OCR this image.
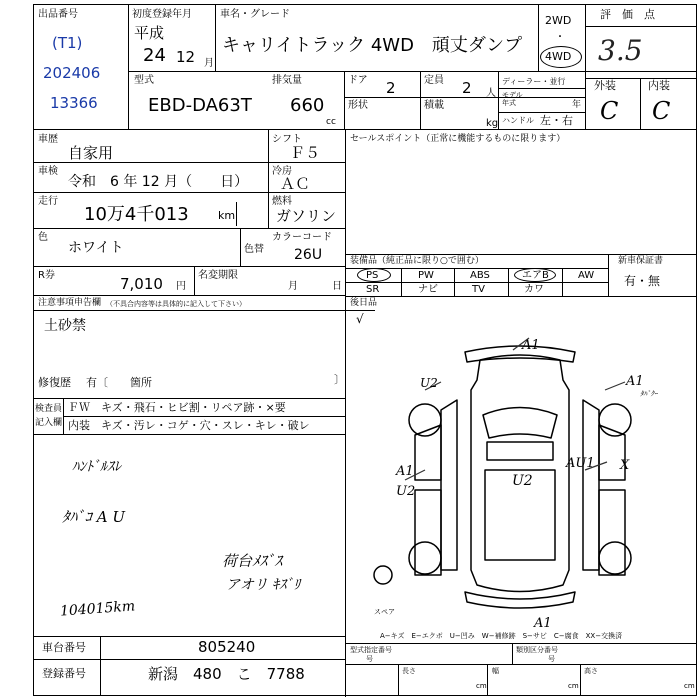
出品番号
(T1)
202406
13366
初度登録年月
平成
24 12 月
車名・グレード
キャリイトラック 4WD　頑丈ダンプ
2WD
・
4WD
評　価　点
3.5
型式
EBD-DA63T
排気量
660
cc
ドア 2	定員 2 人
形状	積載
kg
ディーラー・並行
モデル
年式	年
ハンドル 左・右
外装	内装
C C
車歴
自家用
シフト
Ｆ５
車検
令和　6 年 12 月（　　日）
冷房
ＡＣ
走行
10万4千013	km
燃料
ガソリン
色
ホワイト	色替
カラーコード
26U
R券	7,010 円
名変期限
月	日
注意事項申告欄 （不具合内容等は具体的に記入して下さい）
土砂禁
修復歴 有〔　　箇所	〕
検査員
記入欄
ＦＷ　キズ・飛石・ヒビ割・リペア跡・×要
内装　キズ・汚レ・コゲ・穴・スレ・キレ・破レ
ﾊﾝﾄﾞﾙｽﾚ
ﾀﾊﾞｺ A U
荷台ﾒｽﾞｽ
アオリ ｷｽﾞﾘ
104015km
セールスポイント（正常に機能するものに限ります）
装備品（純正品に限り○で囲む）	新車保証書
有・無
PS	PW	ABS	エアB	AW
SR	ナビ	TV	カワ
後日品
√
A1
U2	A1
ﾀﾊﾞｸｰ
A1
U2
U2
AU1 X
A1
スペア
A−キズ　E−エクボ　U−凹み　W−補修跡　S−サビ　C−腐食　XX−交換済
車台番号	805240
登録番号	新潟　480　こ　7788
型式指定番号
号
類別区分番号
号
長さ
cm
幅
cm
高さ
cm
